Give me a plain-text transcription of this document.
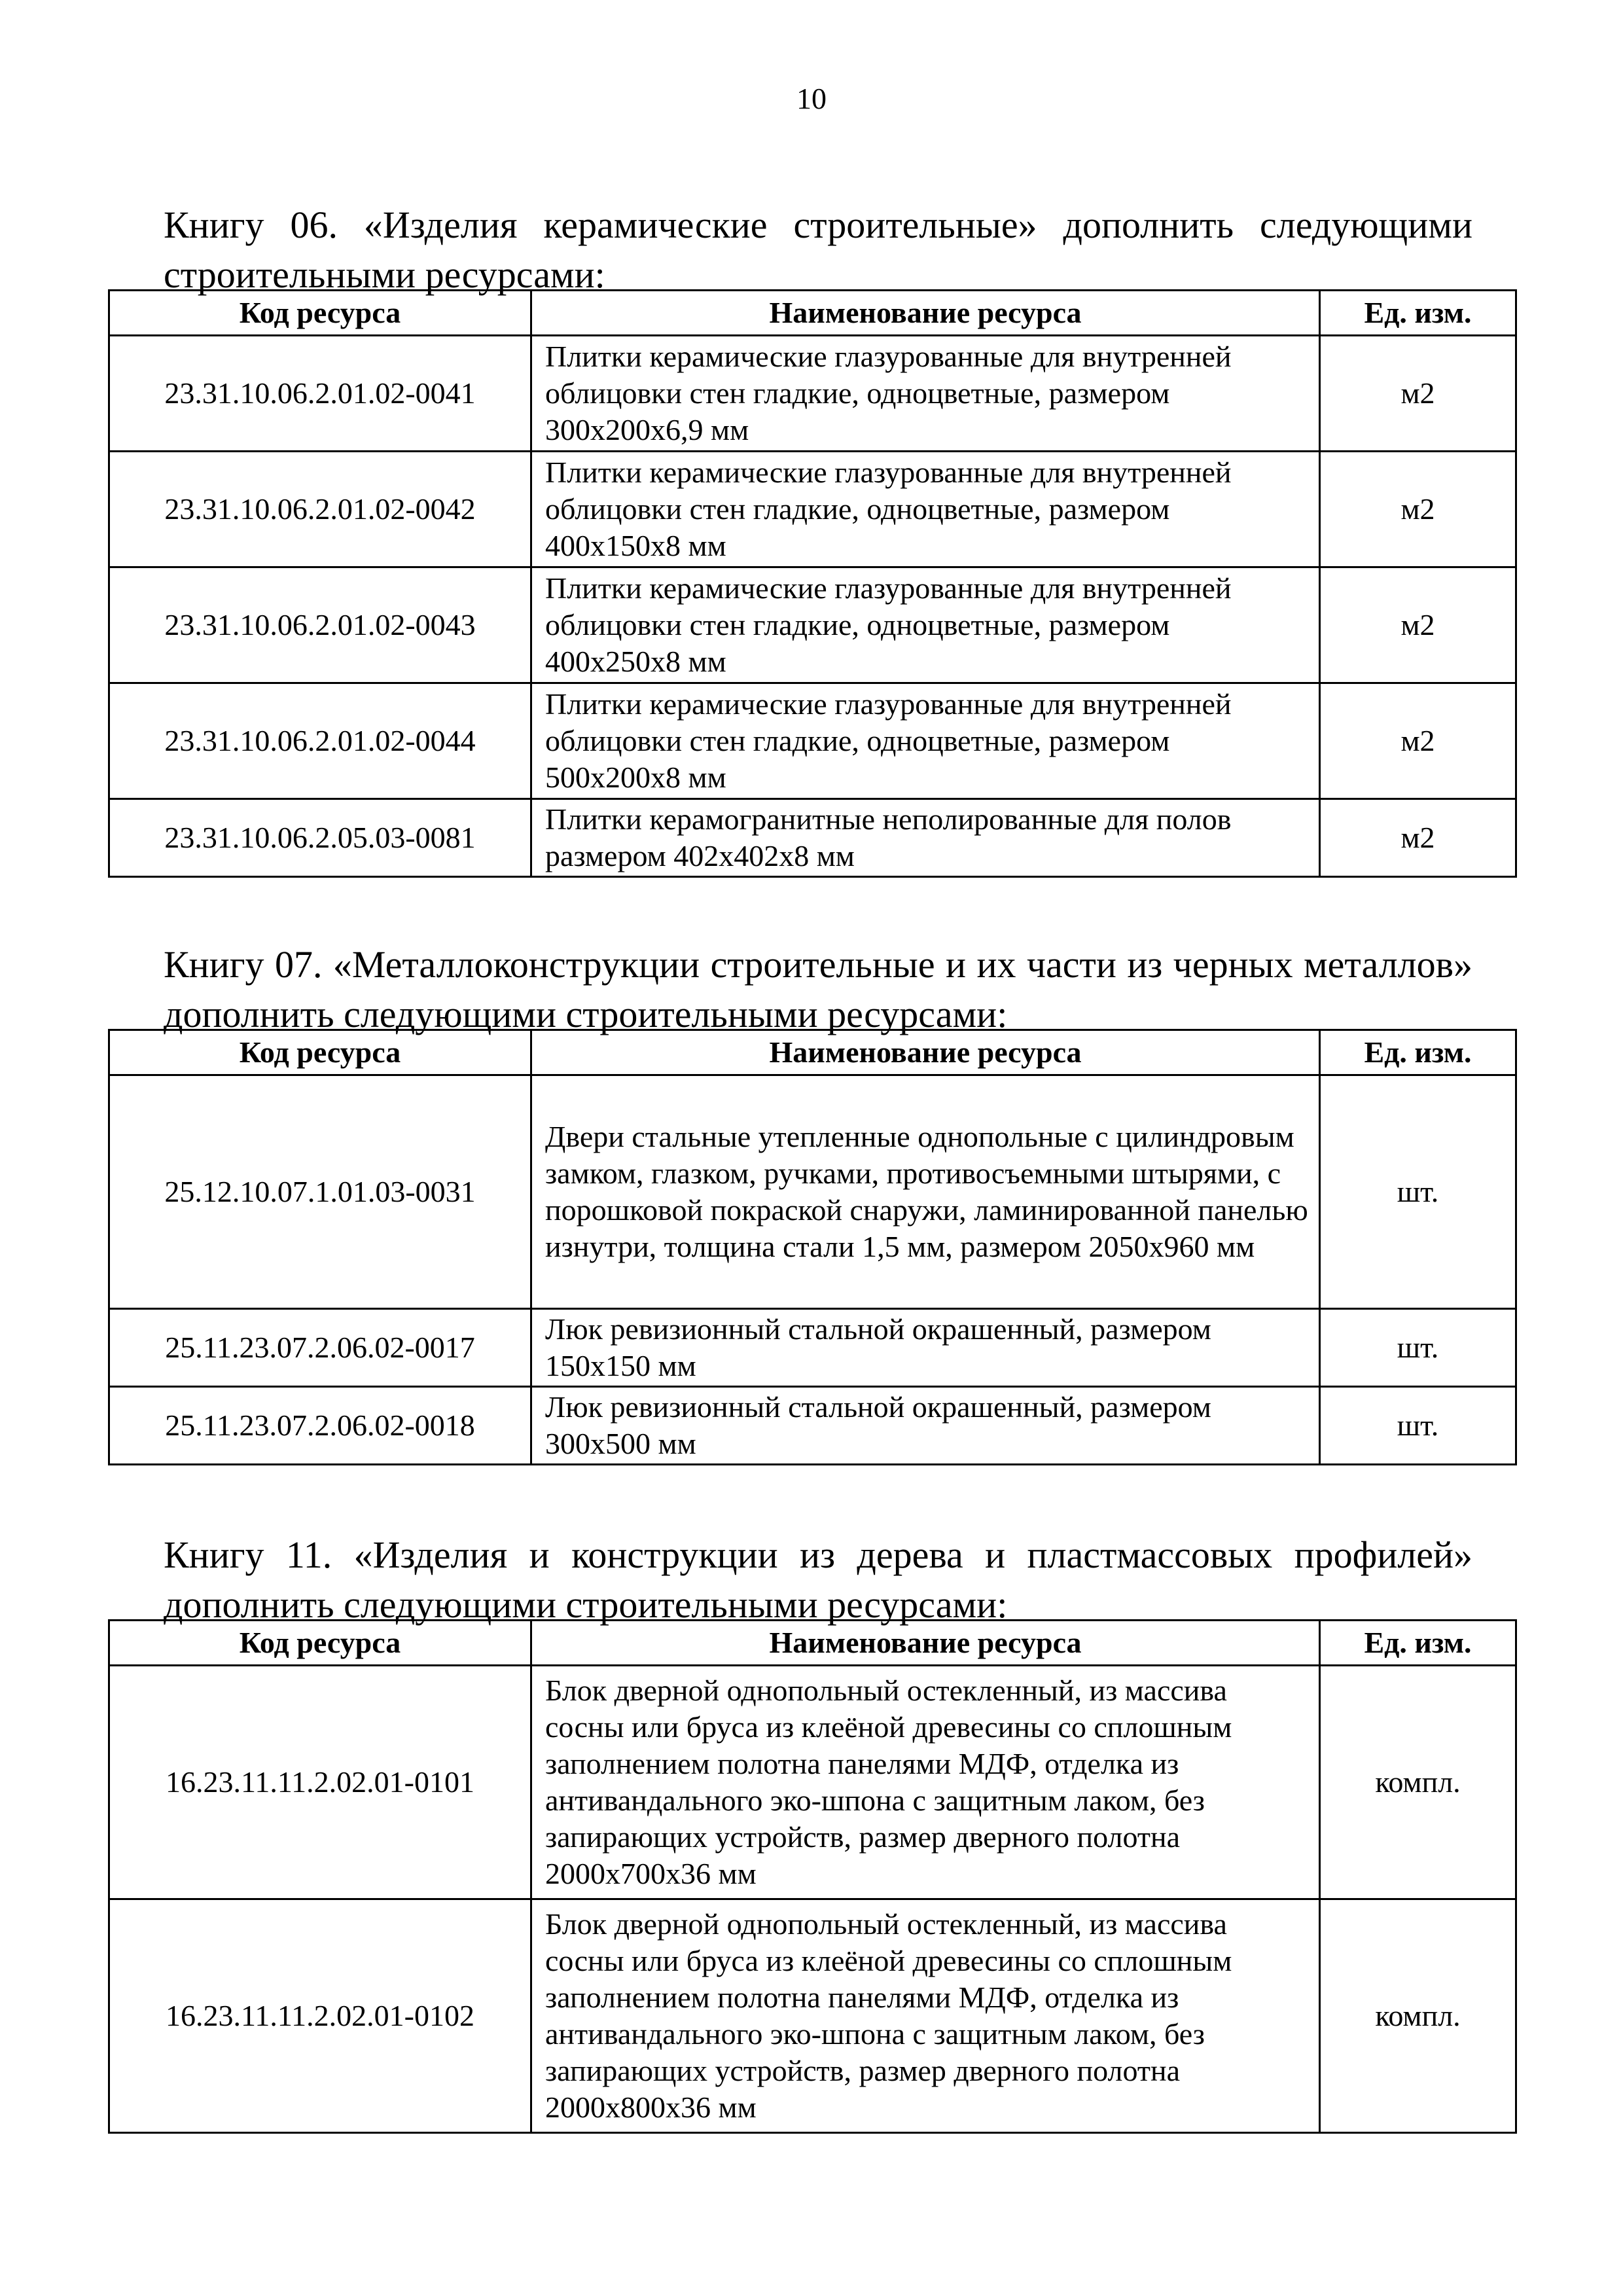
10

Книгу 06. «Изделия керамические строительные» дополнить следующими строительными ресурсами:

Код ресурса	Наименование ресурса	Ед. изм.
23.31.10.06.2.01.02-0041	Плитки керамические глазурованные для внутренней облицовки стен гладкие, одноцветные, размером 300х200х6,9 мм	м2
23.31.10.06.2.01.02-0042	Плитки керамические глазурованные для внутренней облицовки стен гладкие, одноцветные, размером 400х150х8 мм	м2
23.31.10.06.2.01.02-0043	Плитки керамические глазурованные для внутренней облицовки стен гладкие, одноцветные, размером 400х250х8 мм	м2
23.31.10.06.2.01.02-0044	Плитки керамические глазурованные для внутренней облицовки стен гладкие, одноцветные, размером 500х200х8 мм	м2
23.31.10.06.2.05.03-0081	Плитки керамогранитные неполированные для полов размером 402х402х8 мм	м2

Книгу 07. «Металлоконструкции строительные и их части из черных металлов» дополнить следующими строительными ресурсами:

Код ресурса	Наименование ресурса	Ед. изм.
25.12.10.07.1.01.03-0031	Двери стальные утепленные однопольные с цилиндровым замком, глазком, ручками, противосъемными штырями, с порошковой покраской снаружи, ламинированной панелью изнутри, толщина стали 1,5 мм, размером 2050х960 мм	шт.
25.11.23.07.2.06.02-0017	Люк ревизионный стальной окрашенный, размером 150х150 мм	шт.
25.11.23.07.2.06.02-0018	Люк ревизионный стальной окрашенный, размером 300х500 мм	шт.

Книгу 11. «Изделия и конструкции из дерева и пластмассовых профилей» дополнить следующими строительными ресурсами:

Код ресурса	Наименование ресурса	Ед. изм.
16.23.11.11.2.02.01-0101	Блок дверной однопольный остекленный, из массива сосны или бруса из клеёной древесины со сплошным заполнением полотна панелями МДФ, отделка из антивандального эко-шпона с защитным лаком, без запирающих устройств, размер дверного полотна 2000х700х36 мм	компл.
16.23.11.11.2.02.01-0102	Блок дверной однопольный остекленный, из массива сосны или бруса из клеёной древесины со сплошным заполнением полотна панелями МДФ, отделка из антивандального эко-шпона с защитным лаком, без запирающих устройств, размер дверного полотна 2000х800х36 мм	компл.
